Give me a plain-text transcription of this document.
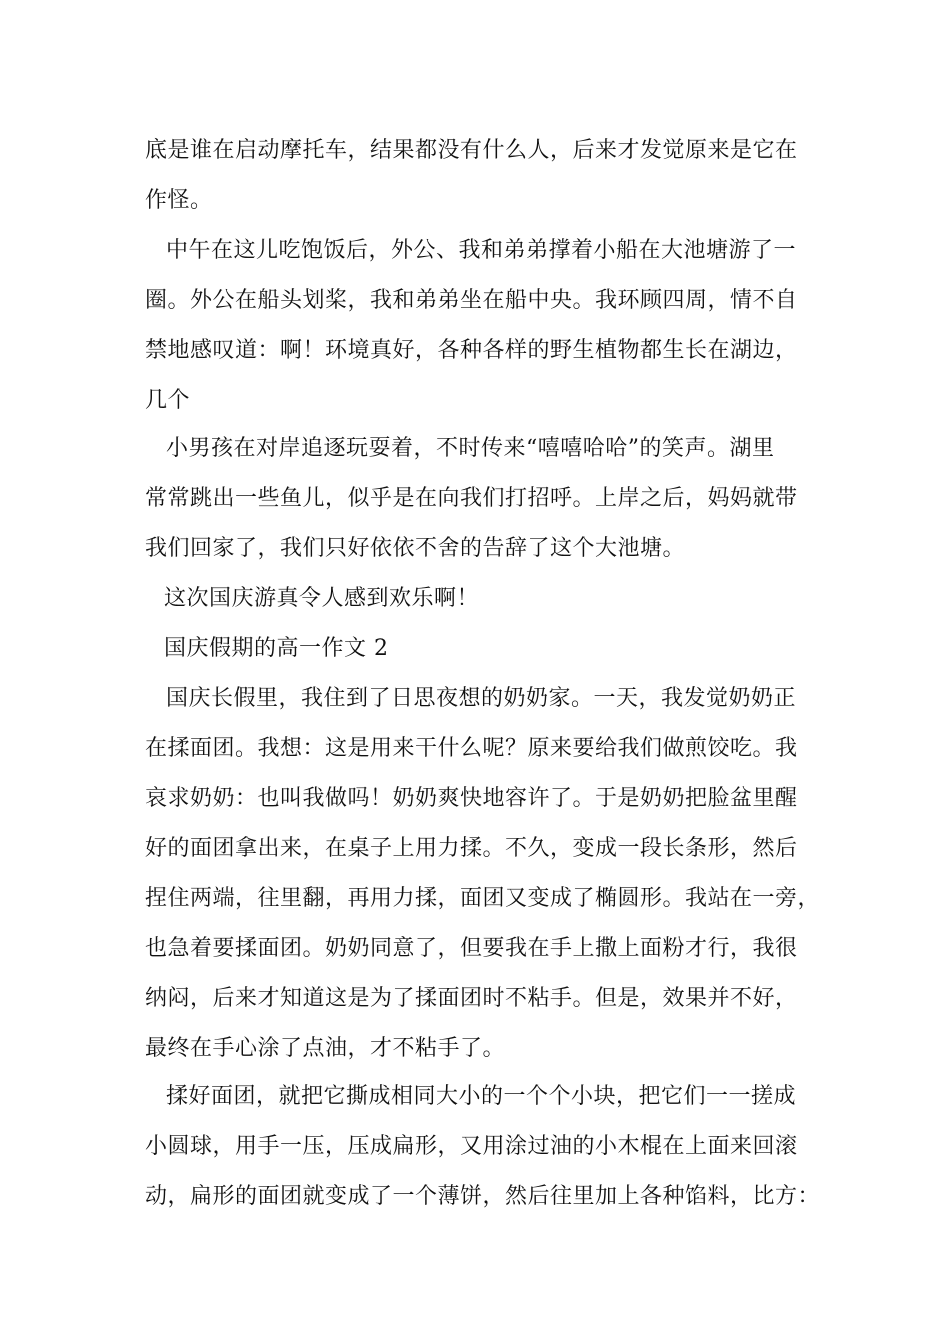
底是谁在启动摩托车，结果都没有什么人，后来才发觉原来是它在
作怪。
中午在这儿吃饱饭后，外公、我和弟弟撑着小船在大池塘游了一
圈。外公在船头划桨，我和弟弟坐在船中央。我环顾四周，情不自
禁地感叹道：啊！环境真好，各种各样的野生植物都生长在湖边，
几个
小男孩在对岸追逐玩耍着，不时传来“嘻嘻哈哈”的笑声。湖里
常常跳出一些鱼儿，似乎是在向我们打招呼。上岸之后，妈妈就带
我们回家了，我们只好依依不舍的告辞了这个大池塘。
这次国庆游真令人感到欢乐啊！
国庆假期的高一作文 2
国庆长假里，我住到了日思夜想的奶奶家。一天，我发觉奶奶正
在揉面团。我想：这是用来干什么呢？原来要给我们做煎饺吃。我
哀求奶奶：也叫我做吗！奶奶爽快地容许了。于是奶奶把脸盆里醒
好的面团拿出来，在桌子上用力揉。不久，变成一段长条形，然后
捏住两端，往里翻，再用力揉，面团又变成了椭圆形。我站在一旁，
也急着要揉面团。奶奶同意了，但要我在手上撒上面粉才行，我很
纳闷，后来才知道这是为了揉面团时不粘手。但是，效果并不好，
最终在手心涂了点油，才不粘手了。
揉好面团，就把它撕成相同大小的一个个小块，把它们一一搓成
小圆球，用手一压，压成扁形，又用涂过油的小木棍在上面来回滚
动，扁形的面团就变成了一个薄饼，然后往里加上各种馅料，比方：
